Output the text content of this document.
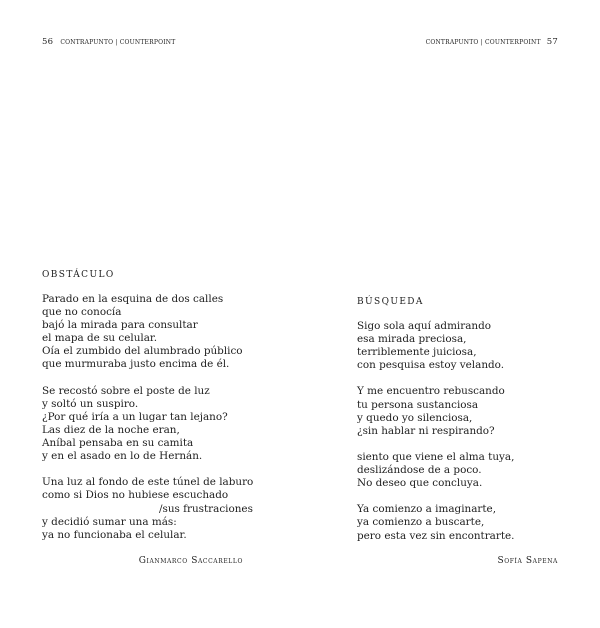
56 CONTRAPUNTO | COUNTERPOINT	CONTRAPUNTO | COUNTERPOINT 57
obstáculo
Parado en la esquina de dos calles
que no conocía
bajó la mirada para consultar
el mapa de su celular.
Oía el zumbido del alumbrado público
que murmuraba justo encima de él.
Se recostó sobre el poste de luz
y soltó un suspiro.
¿Por qué iría a un lugar tan lejano?
Las diez de la noche eran,
Aníbal pensaba en su camita
y en el asado en lo de Hernán.
Una luz al fondo de este túnel de laburo
como si Dios no hubiese escuchado
/sus frustraciones
y decidió sumar una más:
ya no funcionaba el celular.
Gianmarco Saccarello
búsqueda
Sigo sola aquí admirando
esa mirada preciosa,
terriblemente juiciosa,
con pesquisa estoy velando.
Y me encuentro rebuscando
tu persona sustanciosa
y quedo yo silenciosa,
¿sin hablar ni respirando?
siento que viene el alma tuya,
deslizándose de a poco.
No deseo que concluya.
Ya comienzo a imaginarte,
ya comienzo a buscarte,
pero esta vez sin encontrarte.
Sofía Sapena
